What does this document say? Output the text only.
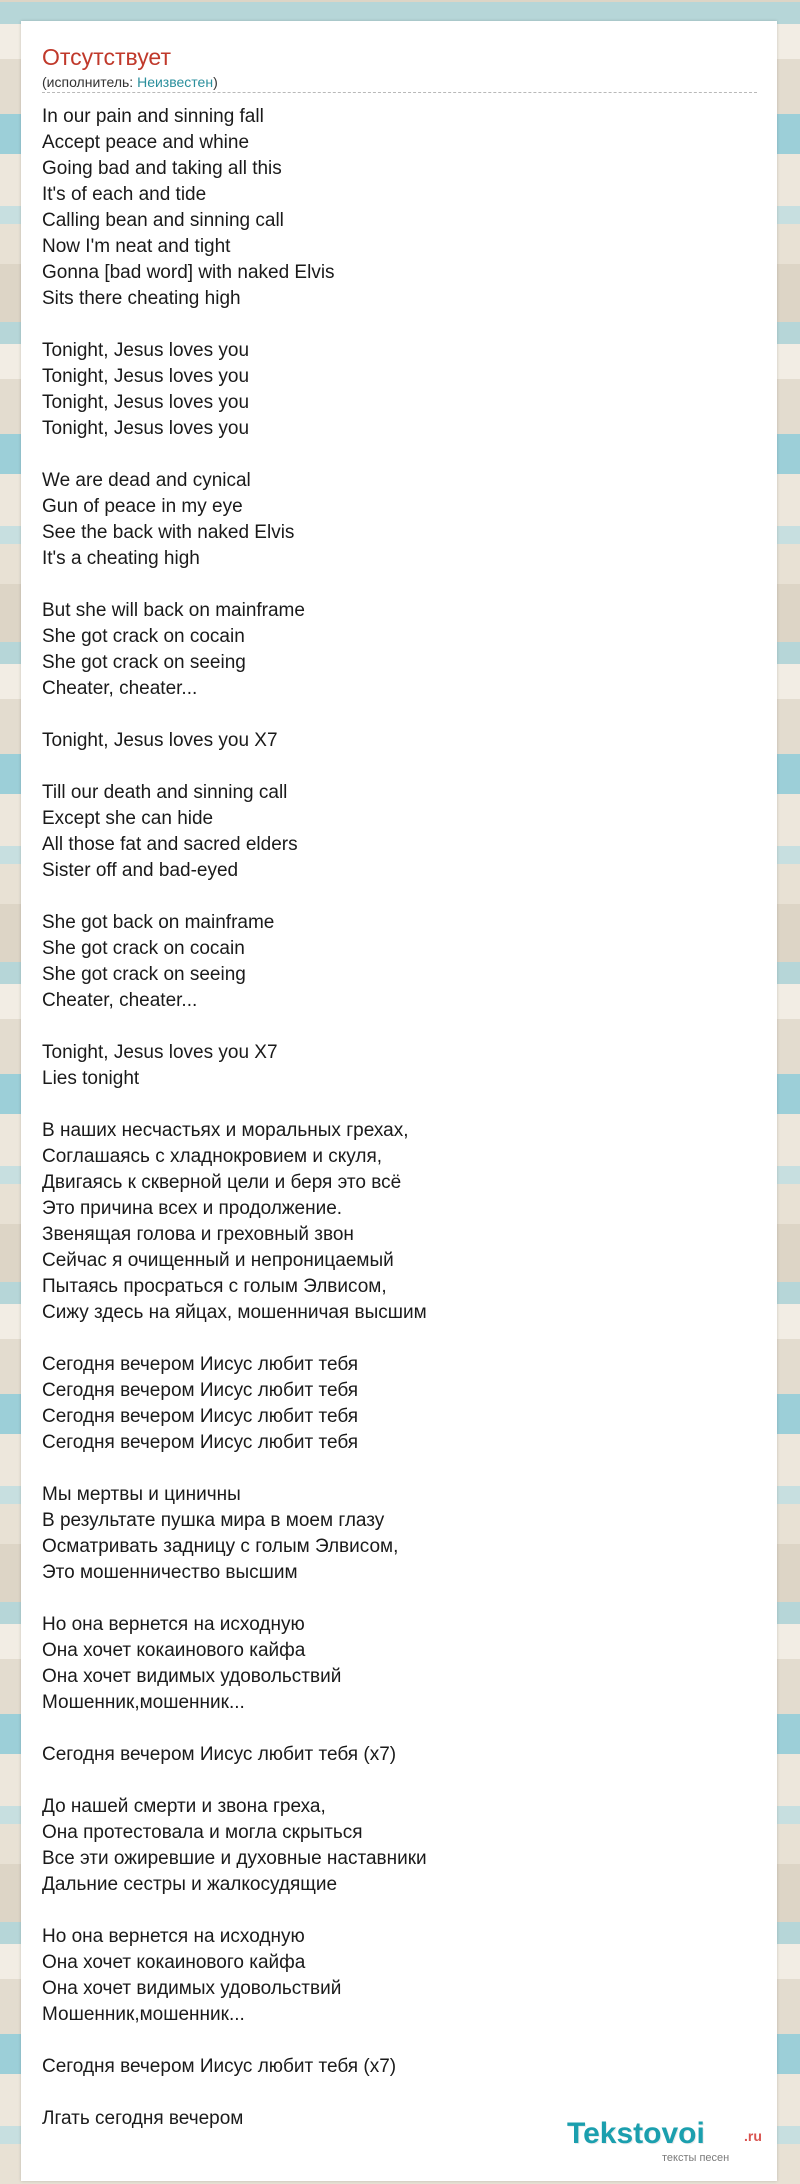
Отсутствует
(исполнитель: Неизвестен)
In our pain and sinning fall
Accept peace and whine
Going bad and taking all this
It's of each and tide
Calling bean and sinning call
Now I'm neat and tight
Gonna [bad word] with naked Elvis
Sits there cheating high
Tonight, Jesus loves you
Tonight, Jesus loves you
Tonight, Jesus loves you
Tonight, Jesus loves you
We are dead and cynical
Gun of peace in my eye
See the back with naked Elvis
It's a cheating high
But she will back on mainframe
She got crack on cocain
She got crack on seeing
Cheater, cheater...
Tonight, Jesus loves you X7
Till our death and sinning call
Except she can hide
All those fat and sacred elders
Sister off and bad-eyed
She got back on mainframe
She got crack on cocain
She got crack on seeing
Cheater, cheater...
Tonight, Jesus loves you X7
Lies tonight
В наших несчастьях и моральных грехах,
Соглашаясь с хладнокровием и скуля,
Двигаясь к скверной цели и беря это всё
Это причина всех и продолжение.
Звенящая голова и греховный звон
Сейчас я очищенный и непроницаемый
Пытаясь просраться с голым Элвисом,
Сижу здесь на яйцах, мошенничая высшим
Сегодня вечером Иисус любит тебя
Сегодня вечером Иисус любит тебя
Сегодня вечером Иисус любит тебя
Сегодня вечером Иисус любит тебя
Мы мертвы и циничны
В результате пушка мира в моем глазу
Осматривать задницу с голым Элвисом,
Это мошенничество высшим
Но она вернется на исходную
Она хочет кокаинового кайфа
Она хочет видимых удовольствий
Мошенник,мошенник...
Сегодня вечером Иисус любит тебя (х7)
До нашей смерти и звона греха,
Она протестовала и могла скрыться
Все эти ожиревшие и духовные наставники
Дальние сестры и жалкосудящие
Но она вернется на исходную
Она хочет кокаинового кайфа
Она хочет видимых удовольствий
Мошенник,мошенник...
Сегодня вечером Иисус любит тебя (х7)
Лгать сегодня вечером	Tekstovoi	.ru
тексты песен
